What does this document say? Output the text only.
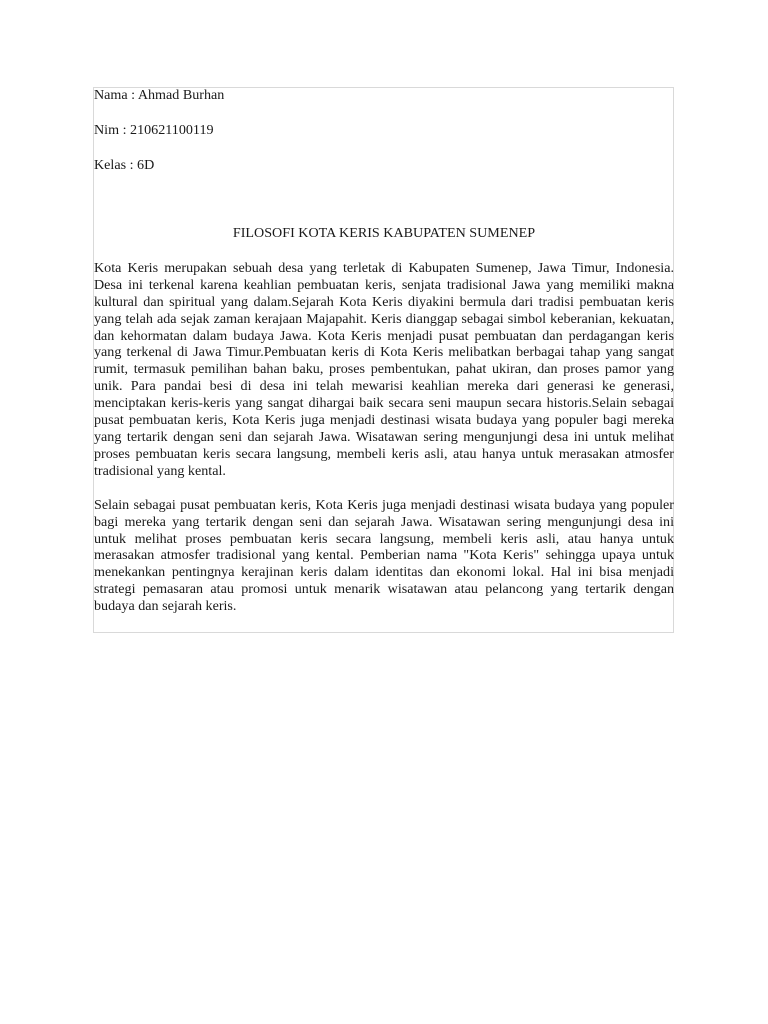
Nama : Ahmad Burhan

Nim : 210621100119

Kelas : 6D

FILOSOFI KOTA KERIS KABUPATEN SUMENEP

Kota Keris merupakan sebuah desa yang terletak di Kabupaten Sumenep, Jawa Timur, Indonesia. Desa ini terkenal karena keahlian pembuatan keris, senjata tradisional Jawa yang memiliki makna kultural dan spiritual yang dalam.Sejarah Kota Keris diyakini bermula dari tradisi pembuatan keris yang telah ada sejak zaman kerajaan Majapahit. Keris dianggap sebagai simbol keberanian, kekuatan, dan kehormatan dalam budaya Jawa. Kota Keris menjadi pusat pembuatan dan perdagangan keris yang terkenal di Jawa Timur.Pembuatan keris di Kota Keris melibatkan berbagai tahap yang sangat rumit, termasuk pemilihan bahan baku, proses pembentukan, pahat ukiran, dan proses pamor yang unik. Para pandai besi di desa ini telah mewarisi keahlian mereka dari generasi ke generasi, menciptakan keris-keris yang sangat dihargai baik secara seni maupun secara historis.Selain sebagai pusat pembuatan keris, Kota Keris juga menjadi destinasi wisata budaya yang populer bagi mereka yang tertarik dengan seni dan sejarah Jawa. Wisatawan sering mengunjungi desa ini untuk melihat proses pembuatan keris secara langsung, membeli keris asli, atau hanya untuk merasakan atmosfer tradisional yang kental.

Selain sebagai pusat pembuatan keris, Kota Keris juga menjadi destinasi wisata budaya yang populer bagi mereka yang tertarik dengan seni dan sejarah Jawa. Wisatawan sering mengunjungi desa ini untuk melihat proses pembuatan keris secara langsung, membeli keris asli, atau hanya untuk merasakan atmosfer tradisional yang kental. Pemberian nama "Kota Keris" sehingga upaya untuk menekankan pentingnya kerajinan keris dalam identitas dan ekonomi lokal. Hal ini bisa menjadi strategi pemasaran atau promosi untuk menarik wisatawan atau pelancong yang tertarik dengan budaya dan sejarah keris.
